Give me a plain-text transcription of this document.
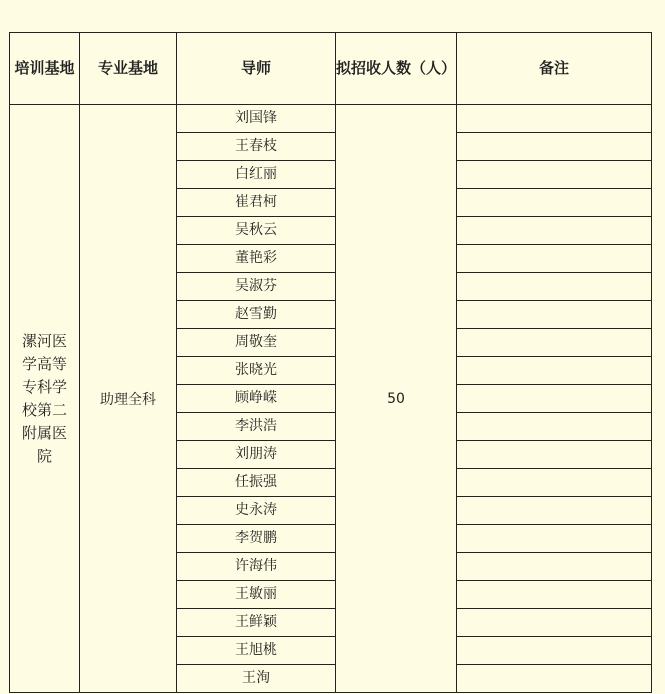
培训基地	专业基地	导师	拟招收人数（人）	备注
漯河医学高等专科学校第二附属医院	助理全科	刘国锋	50	
		王春枝		
		白红丽		
		崔君柯		
		吴秋云		
		董艳彩		
		吴淑芬		
		赵雪勤		
		周敬奎		
		张晓光		
		顾峥嵘		
		李洪浩		
		刘朋涛		
		任振强		
		史永涛		
		李贺鹏		
		许海伟		
		王敏丽		
		王鲜颖		
		王旭桃		
		王洵		
